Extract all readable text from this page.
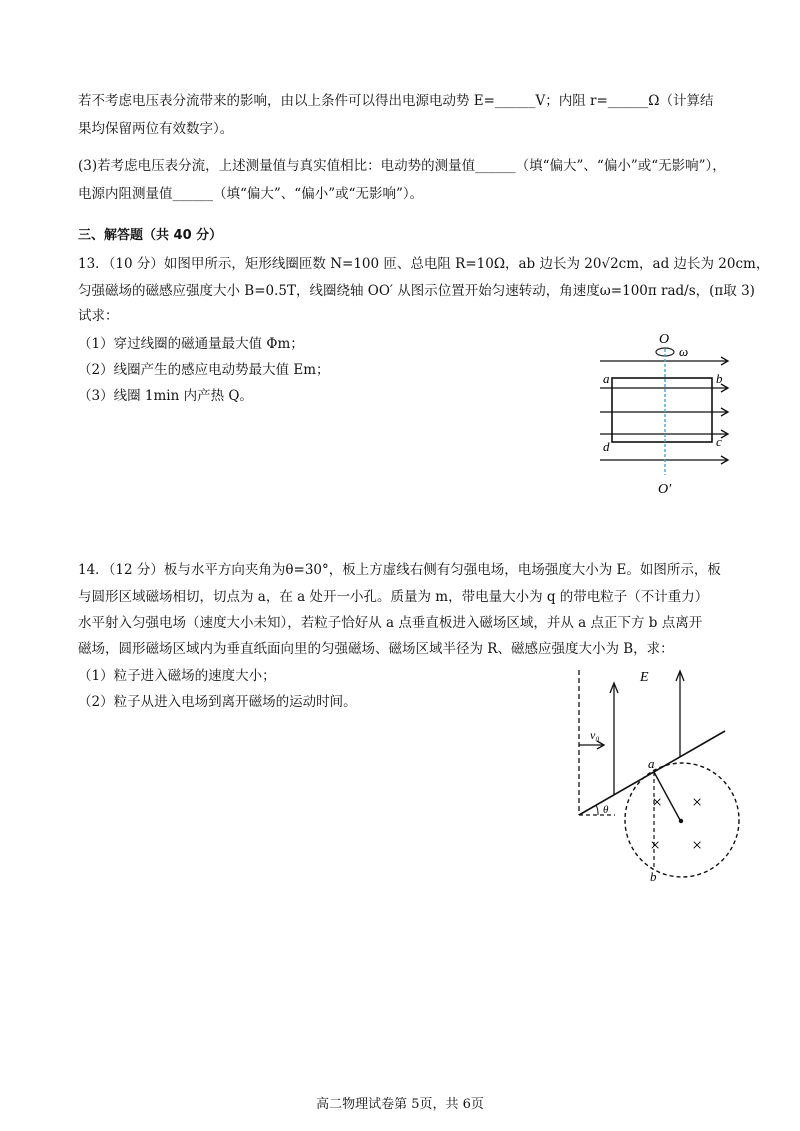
若不考虑电压表分流带来的影响，由以上条件可以得出电源电动势 E=______V；内阻 r=______Ω（计算结
果均保留两位有效数字）。
(3)若考虑电压表分流，上述测量值与真实值相比：电动势的测量值______（填“偏大”、“偏小”或“无影响”），
电源内阻测量值______（填“偏大”、“偏小”或“无影响”）。
三、解答题（共 40 分）
13．（10 分）如图甲所示，矩形线圈匝数 N=100 匝、总电阻 R=10Ω，ab 边长为 20√2cm，ad 边长为 20cm，
匀强磁场的磁感应强度大小 B=0.5T，线圈绕轴 OO′ 从图示位置开始匀速转动，角速度ω=100π rad/s，(π取 3)
试求：
（1）穿过线圈的磁通量最大值 Φm；
（2）线圈产生的感应电动势最大值 Em；
（3）线圈 1min 内产热 Q。
O
ω
a	b
d	c
O′
14．（12 分）板与水平方向夹角为θ=30°，板上方虚线右侧有匀强电场，电场强度大小为 E。如图所示，板
与圆形区域磁场相切，切点为 a，在 a 处开一小孔。质量为 m，带电量大小为 q 的带电粒子（不计重力）
水平射入匀强电场（速度大小未知），若粒子恰好从 a 点垂直板进入磁场区域，并从 a 点正下方 b 点离开
磁场，圆形磁场区域内为垂直纸面向里的匀强磁场、磁场区域半径为 R、磁感应强度大小为 B，求：
（1）粒子进入磁场的速度大小；
（2）粒子从进入电场到离开磁场的运动时间。
E
v₀
θ
a
b
× ×
× ×
高二物理试卷第 5页，共 6页
